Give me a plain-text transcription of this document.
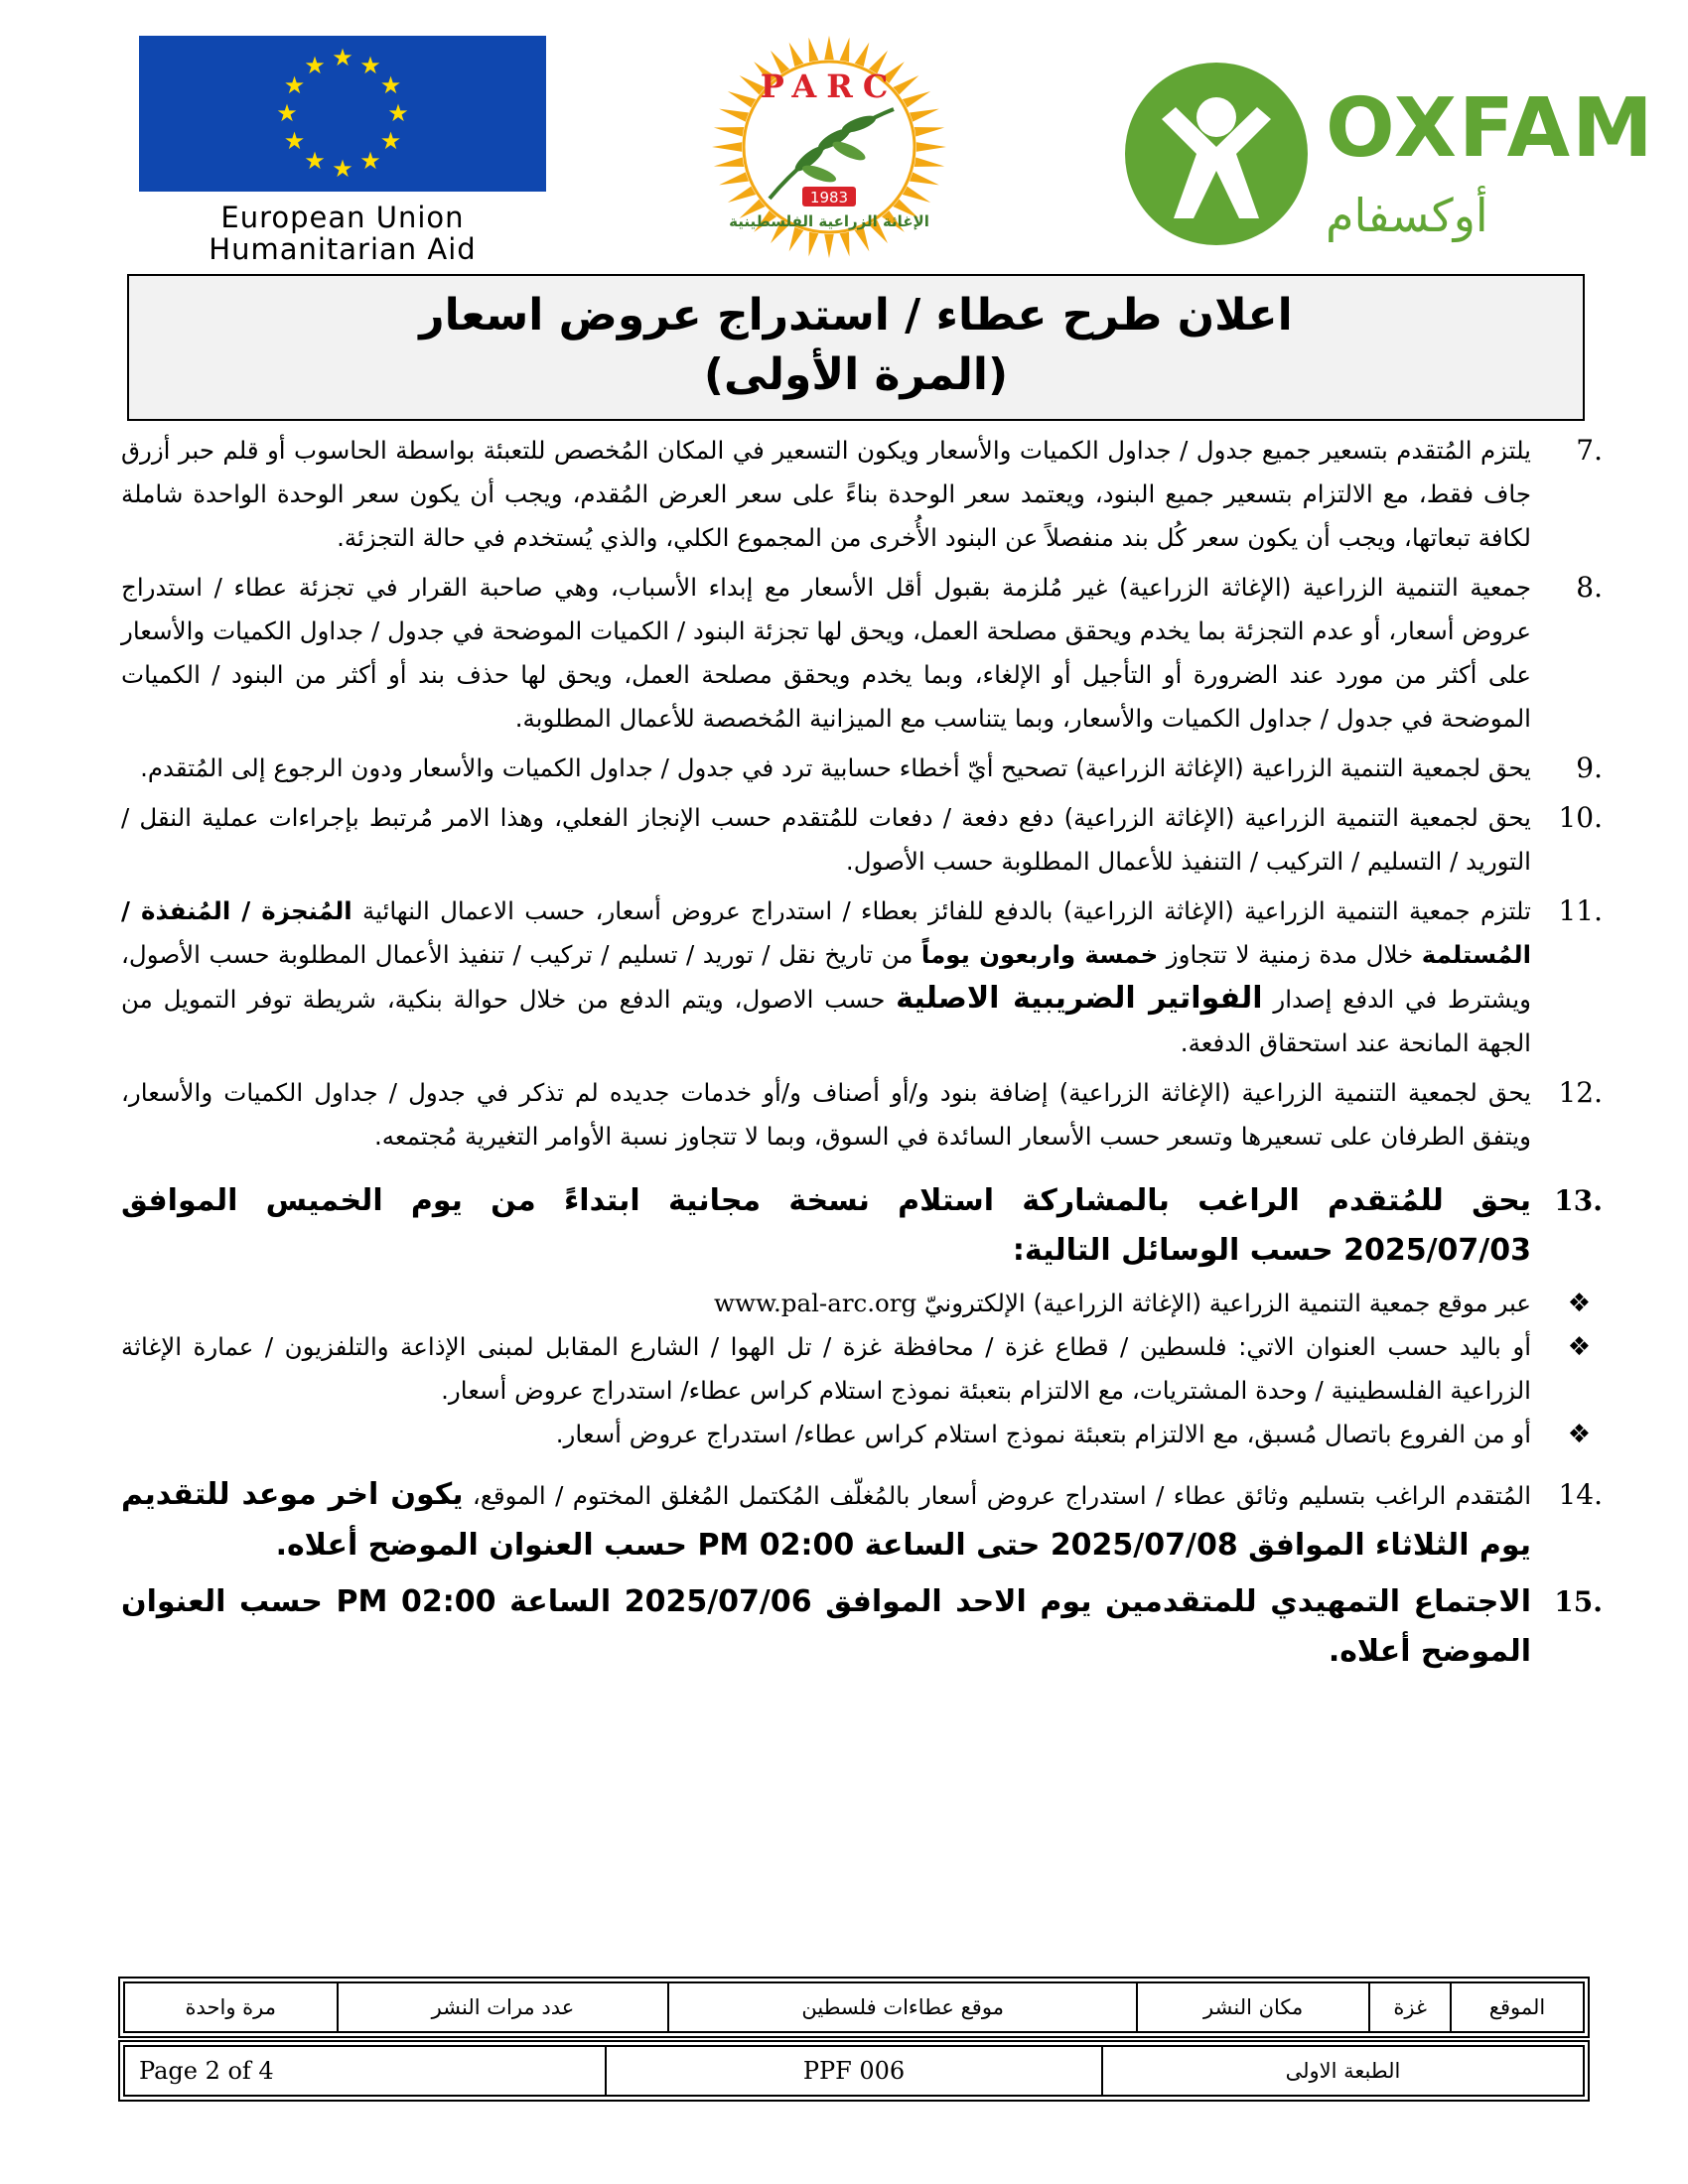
★ ★
★
★
★
★
★
★
★
★
★
★
European Union
Humanitarian Aid
PARC
1983
الإغاثة الزراعية الفلسطينية
OXFAM
أوكسفام
اعلان طرح عطاء / استدراج عروض اسعار
(المرة الأولى)
7.
يلتزم المُتقدم بتسعير جميع جدول / جداول الكميات والأسعار ويكون التسعير في المكان المُخصص للتعبئة بواسطة الحاسوب أو قلم حبر أزرق جاف فقط، مع الالتزام بتسعير جميع البنود، ويعتمد سعر الوحدة بناءً على سعر العرض المُقدم، ويجب أن يكون سعر الوحدة الواحدة شاملة لكافة تبعاتها، ويجب أن يكون سعر كُل بند منفصلاً عن البنود الأُخرى من المجموع الكلي، والذي يُستخدم في حالة التجزئة.
8.
جمعية التنمية الزراعية (الإغاثة الزراعية) غير مُلزمة بقبول أقل الأسعار مع إبداء الأسباب، وهي صاحبة القرار في تجزئة عطاء / استدراج عروض أسعار، أو عدم التجزئة بما يخدم ويحقق مصلحة العمل، ويحق لها تجزئة البنود / الكميات الموضحة في جدول / جداول الكميات والأسعار على أكثر من مورد عند الضرورة أو التأجيل أو الإلغاء، وبما يخدم ويحقق مصلحة العمل، ويحق لها حذف بند أو أكثر من البنود / الكميات الموضحة في جدول / جداول الكميات والأسعار، وبما يتناسب مع الميزانية المُخصصة للأعمال المطلوبة.
9.
يحق لجمعية التنمية الزراعية (الإغاثة الزراعية) تصحيح أيّ أخطاء حسابية ترد في جدول / جداول الكميات والأسعار ودون الرجوع إلى المُتقدم.
10.
يحق لجمعية التنمية الزراعية (الإغاثة الزراعية) دفع دفعة / دفعات للمُتقدم حسب الإنجاز الفعلي، وهذا الامر مُرتبط بإجراءات عملية النقل / التوريد / التسليم / التركيب / التنفيذ للأعمال المطلوبة حسب الأصول.
11.
تلتزم جمعية التنمية الزراعية (الإغاثة الزراعية) بالدفع للفائز بعطاء / استدراج عروض أسعار، حسب الاعمال النهائية المُنجزة / المُنفذة / المُستلمة خلال مدة زمنية لا تتجاوز خمسة واربعون يوماً من تاريخ نقل / توريد / تسليم / تركيب / تنفيذ الأعمال المطلوبة حسب الأصول، ويشترط في الدفع إصدار الفواتير الضريبية الاصلية حسب الاصول، ويتم الدفع من خلال حوالة بنكية، شريطة توفر التمويل من الجهة المانحة عند استحقاق الدفعة.
12.
يحق لجمعية التنمية الزراعية (الإغاثة الزراعية) إضافة بنود و/أو أصناف و/أو خدمات جديده لم تذكر في جدول / جداول الكميات والأسعار، ويتفق الطرفان على تسعيرها وتسعر حسب الأسعار السائدة في السوق، وبما لا تتجاوز نسبة الأوامر التغيرية مُجتمعه.
13.
يحق للمُتقدم الراغب بالمشاركة استلام نسخة مجانية ابتداءً من يوم الخميس الموافق 2025/07/03 حسب الوسائل التالية:
❖
عبر موقع جمعية التنمية الزراعية (الإغاثة الزراعية) الإلكترونيّ www.pal-arc.org
❖
أو باليد حسب العنوان الاتي: فلسطين / قطاع غزة / محافظة غزة / تل الهوا / الشارع المقابل لمبنى الإذاعة والتلفزيون / عمارة الإغاثة الزراعية الفلسطينية / وحدة المشتريات، مع الالتزام بتعبئة نموذج استلام كراس عطاء/ استدراج عروض أسعار.
❖
أو من الفروع باتصال مُسبق، مع الالتزام بتعبئة نموذج استلام كراس عطاء/ استدراج عروض أسعار.
14.
المُتقدم الراغب بتسليم وثائق عطاء / استدراج عروض أسعار بالمُغلّف المُكتمل المُغلق المختوم / الموقع، يكون اخر موعد للتقديم يوم الثلاثاء الموافق 2025/07/08 حتى الساعة 02:00 PM حسب العنوان الموضح أعلاه.
15.
الاجتماع التمهيدي للمتقدمين يوم الاحد الموافق 2025/07/06 الساعة 02:00 PM حسب العنوان الموضح أعلاه.
الموقع	غزة	مكان النشر	موقع عطاءات فلسطين	عدد مرات النشر	مرة واحدة
الطبعة الاولى	PPF 006	Page 2 of 4
